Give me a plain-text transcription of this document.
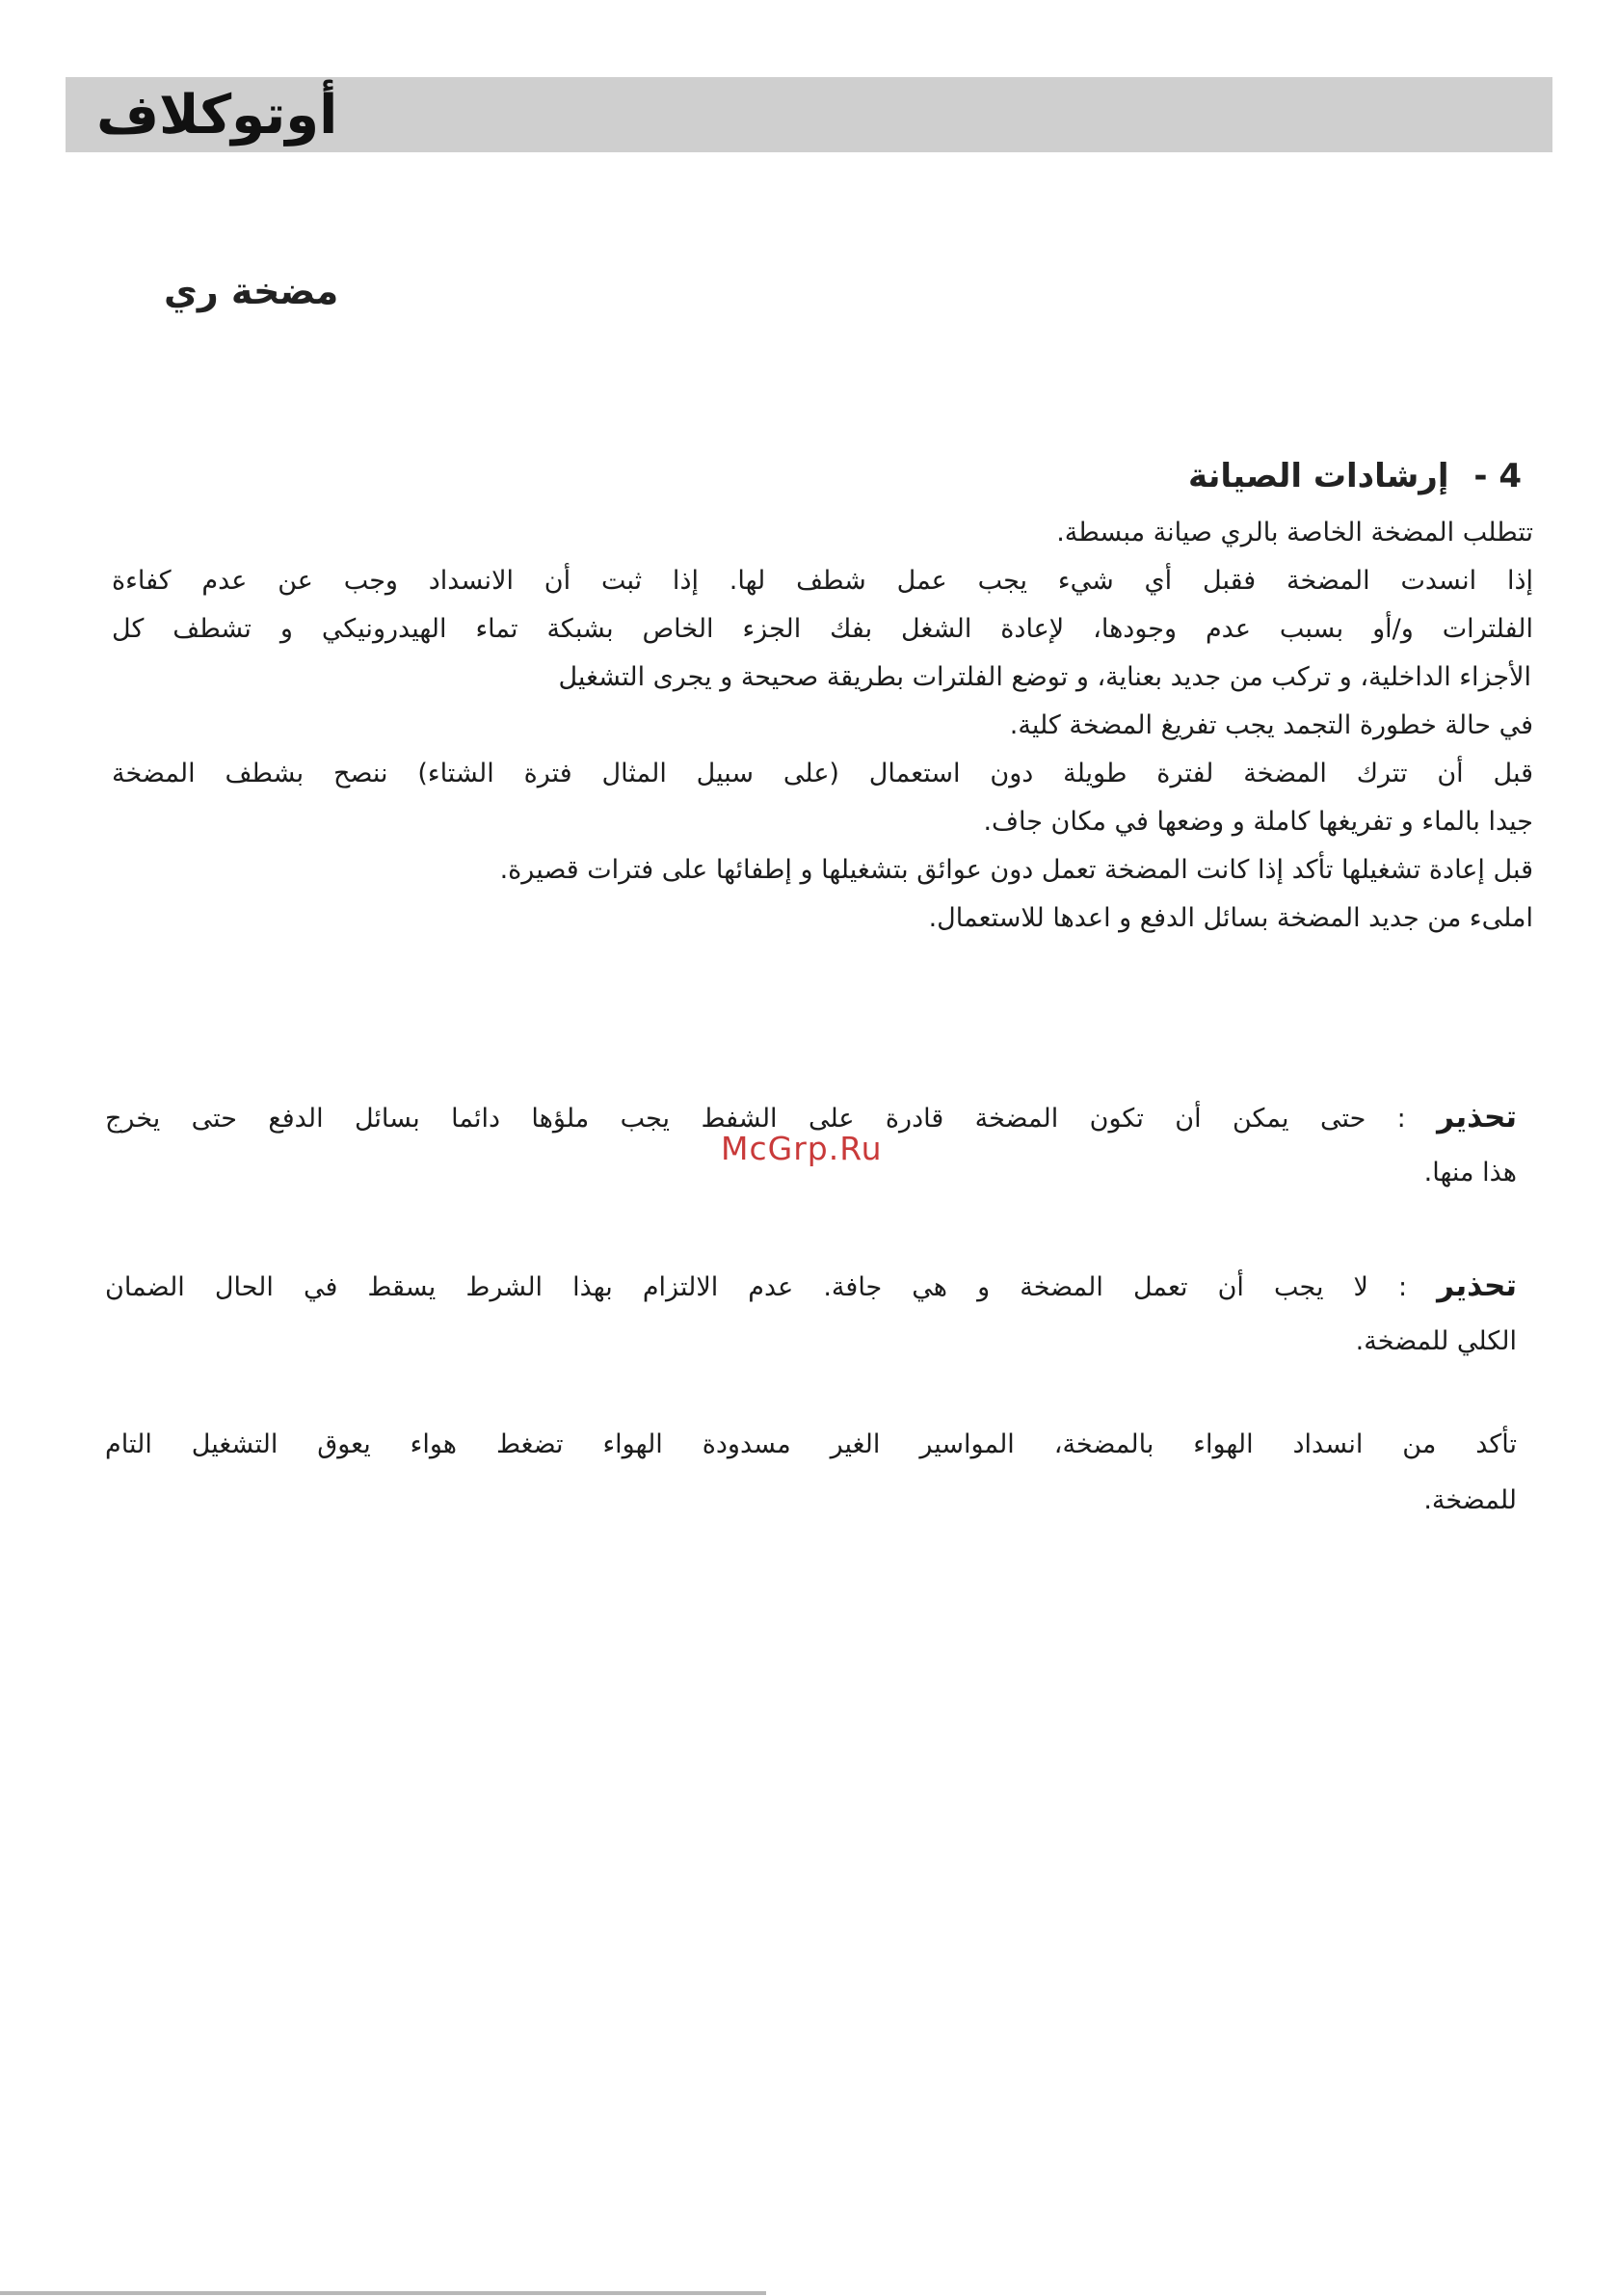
أوتوكلاف
مضخة ري
4 - إرشادات الصيانة
تتطلب المضخة الخاصة بالري صيانة مبسطة.
إذا انسدت المضخة فقبل أي شيء يجب عمل شطف لها. إذا ثبت أن الانسداد وجب عن عدم كفاءة
الفلترات و/أو بسبب عدم وجودها، لإعادة الشغل بفك الجزء الخاص بشبكة تماء الهيدرونيكي و تشطف كل
الأجزاء الداخلية، و تركب من جديد بعناية، و توضع الفلترات بطريقة صحيحة و يجرى التشغيل
في حالة خطورة التجمد يجب تفريغ المضخة كلية.
قبل أن تترك المضخة لفترة طويلة دون استعمال (على سبيل المثال فترة الشتاء) ننصح بشطف المضخة
جيدا بالماء و تفريغها كاملة و وضعها في مكان جاف.
قبل إعادة تشغيلها تأكد إذا كانت المضخة تعمل دون عوائق بتشغيلها و إطفائها على فترات قصيرة.
املىء من جديد المضخة بسائل الدفع و اعدها للاستعمال.
تحذير : حتى يمكن أن تكون المضخة قادرة على الشفط يجب ملؤها دائما بسائل الدفع حتى يخرج
هذا منها.
تحذير : لا يجب أن تعمل المضخة و هي جافة. عدم الالتزام بهذا الشرط يسقط في الحال الضمان
الكلي للمضخة.
تأكد من انسداد الهواء بالمضخة، المواسير الغير مسدودة الهواء تضغط هواء يعوق التشغيل التام
للمضخة.
McGrp.Ru
